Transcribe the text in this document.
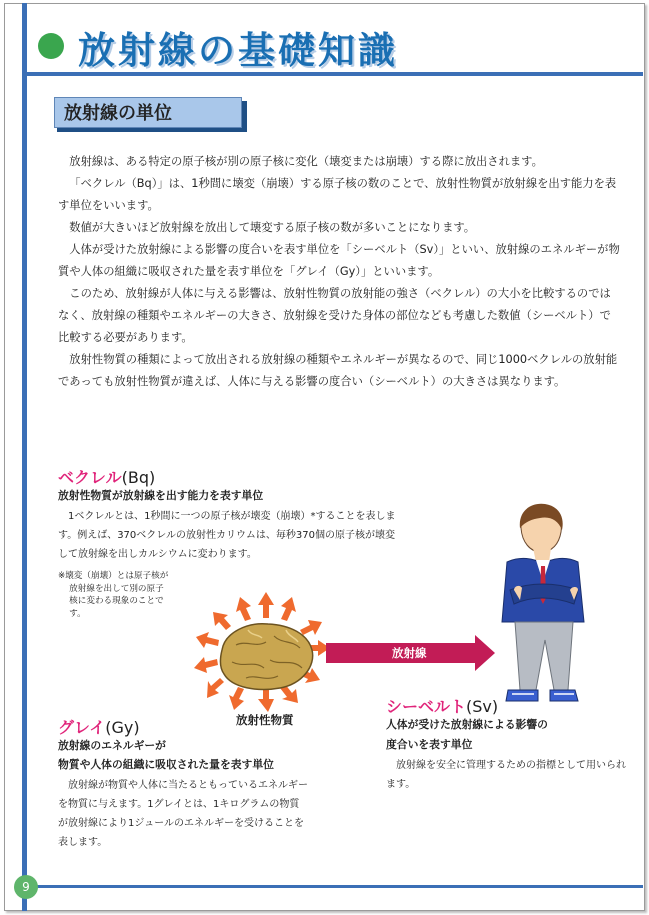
放射線の基礎知識
放射線の単位

放射線は、ある特定の原子核が別の原子核に変化（壊変または崩壊）する際に放出されます。

「ベクレル（Bq）」は、1秒間に壊変（崩壊）する原子核の数のことで、放射性物質が放射線を出す能力を表す単位をいいます。

数値が大きいほど放射線を放出して壊変する原子核の数が多いことになります。

人体が受けた放射線による影響の度合いを表す単位を「シーベルト（Sv）」といい、放射線のエネルギーが物質や人体の組織に吸収された量を表す単位を「グレイ（Gy）」といいます。

このため、放射線が人体に与える影響は、放射性物質の放射能の強さ（ベクレル）の大小を比較するのではなく、放射線の種類やエネルギーの大きさ、放射線を受けた身体の部位なども考慮した数値（シーベルト）で比較する必要があります。

放射性物質の種類によって放出される放射線の種類やエネルギーが異なるので、同じ1000ベクレルの放射能であっても放射性物質が違えば、人体に与える影響の度合い（シーベルト）の大きさは異なります。

ベクレル(Bq)

放射性物質が放射線を出す能力を表す単位

1ベクレルとは、1秒間に一つの原子核が壊変（崩壊）*することを表します。例えば、370ベクレルの放射性カリウムは、毎秒370個の原子核が壊変して放射線を出しカルシウムに変わります。

※壊変（崩壊）とは原子核が
放射線を出して別の原子
核に変わる現象のことで
す。

放射性物質

放射線

グレイ(Gy)

放射線のエネルギーが

物質や人体の組織に吸収された量を表す単位

放射線が物質や人体に当たるともっているエネルギーを物質に与えます。1グレイとは、1キログラムの物質が放射線により1ジュールのエネルギーを受けることを表します。

シーベルト(Sv)

人体が受けた放射線による影響の

度合いを表す単位

放射線を安全に管理するための指標として用いられます。

9
